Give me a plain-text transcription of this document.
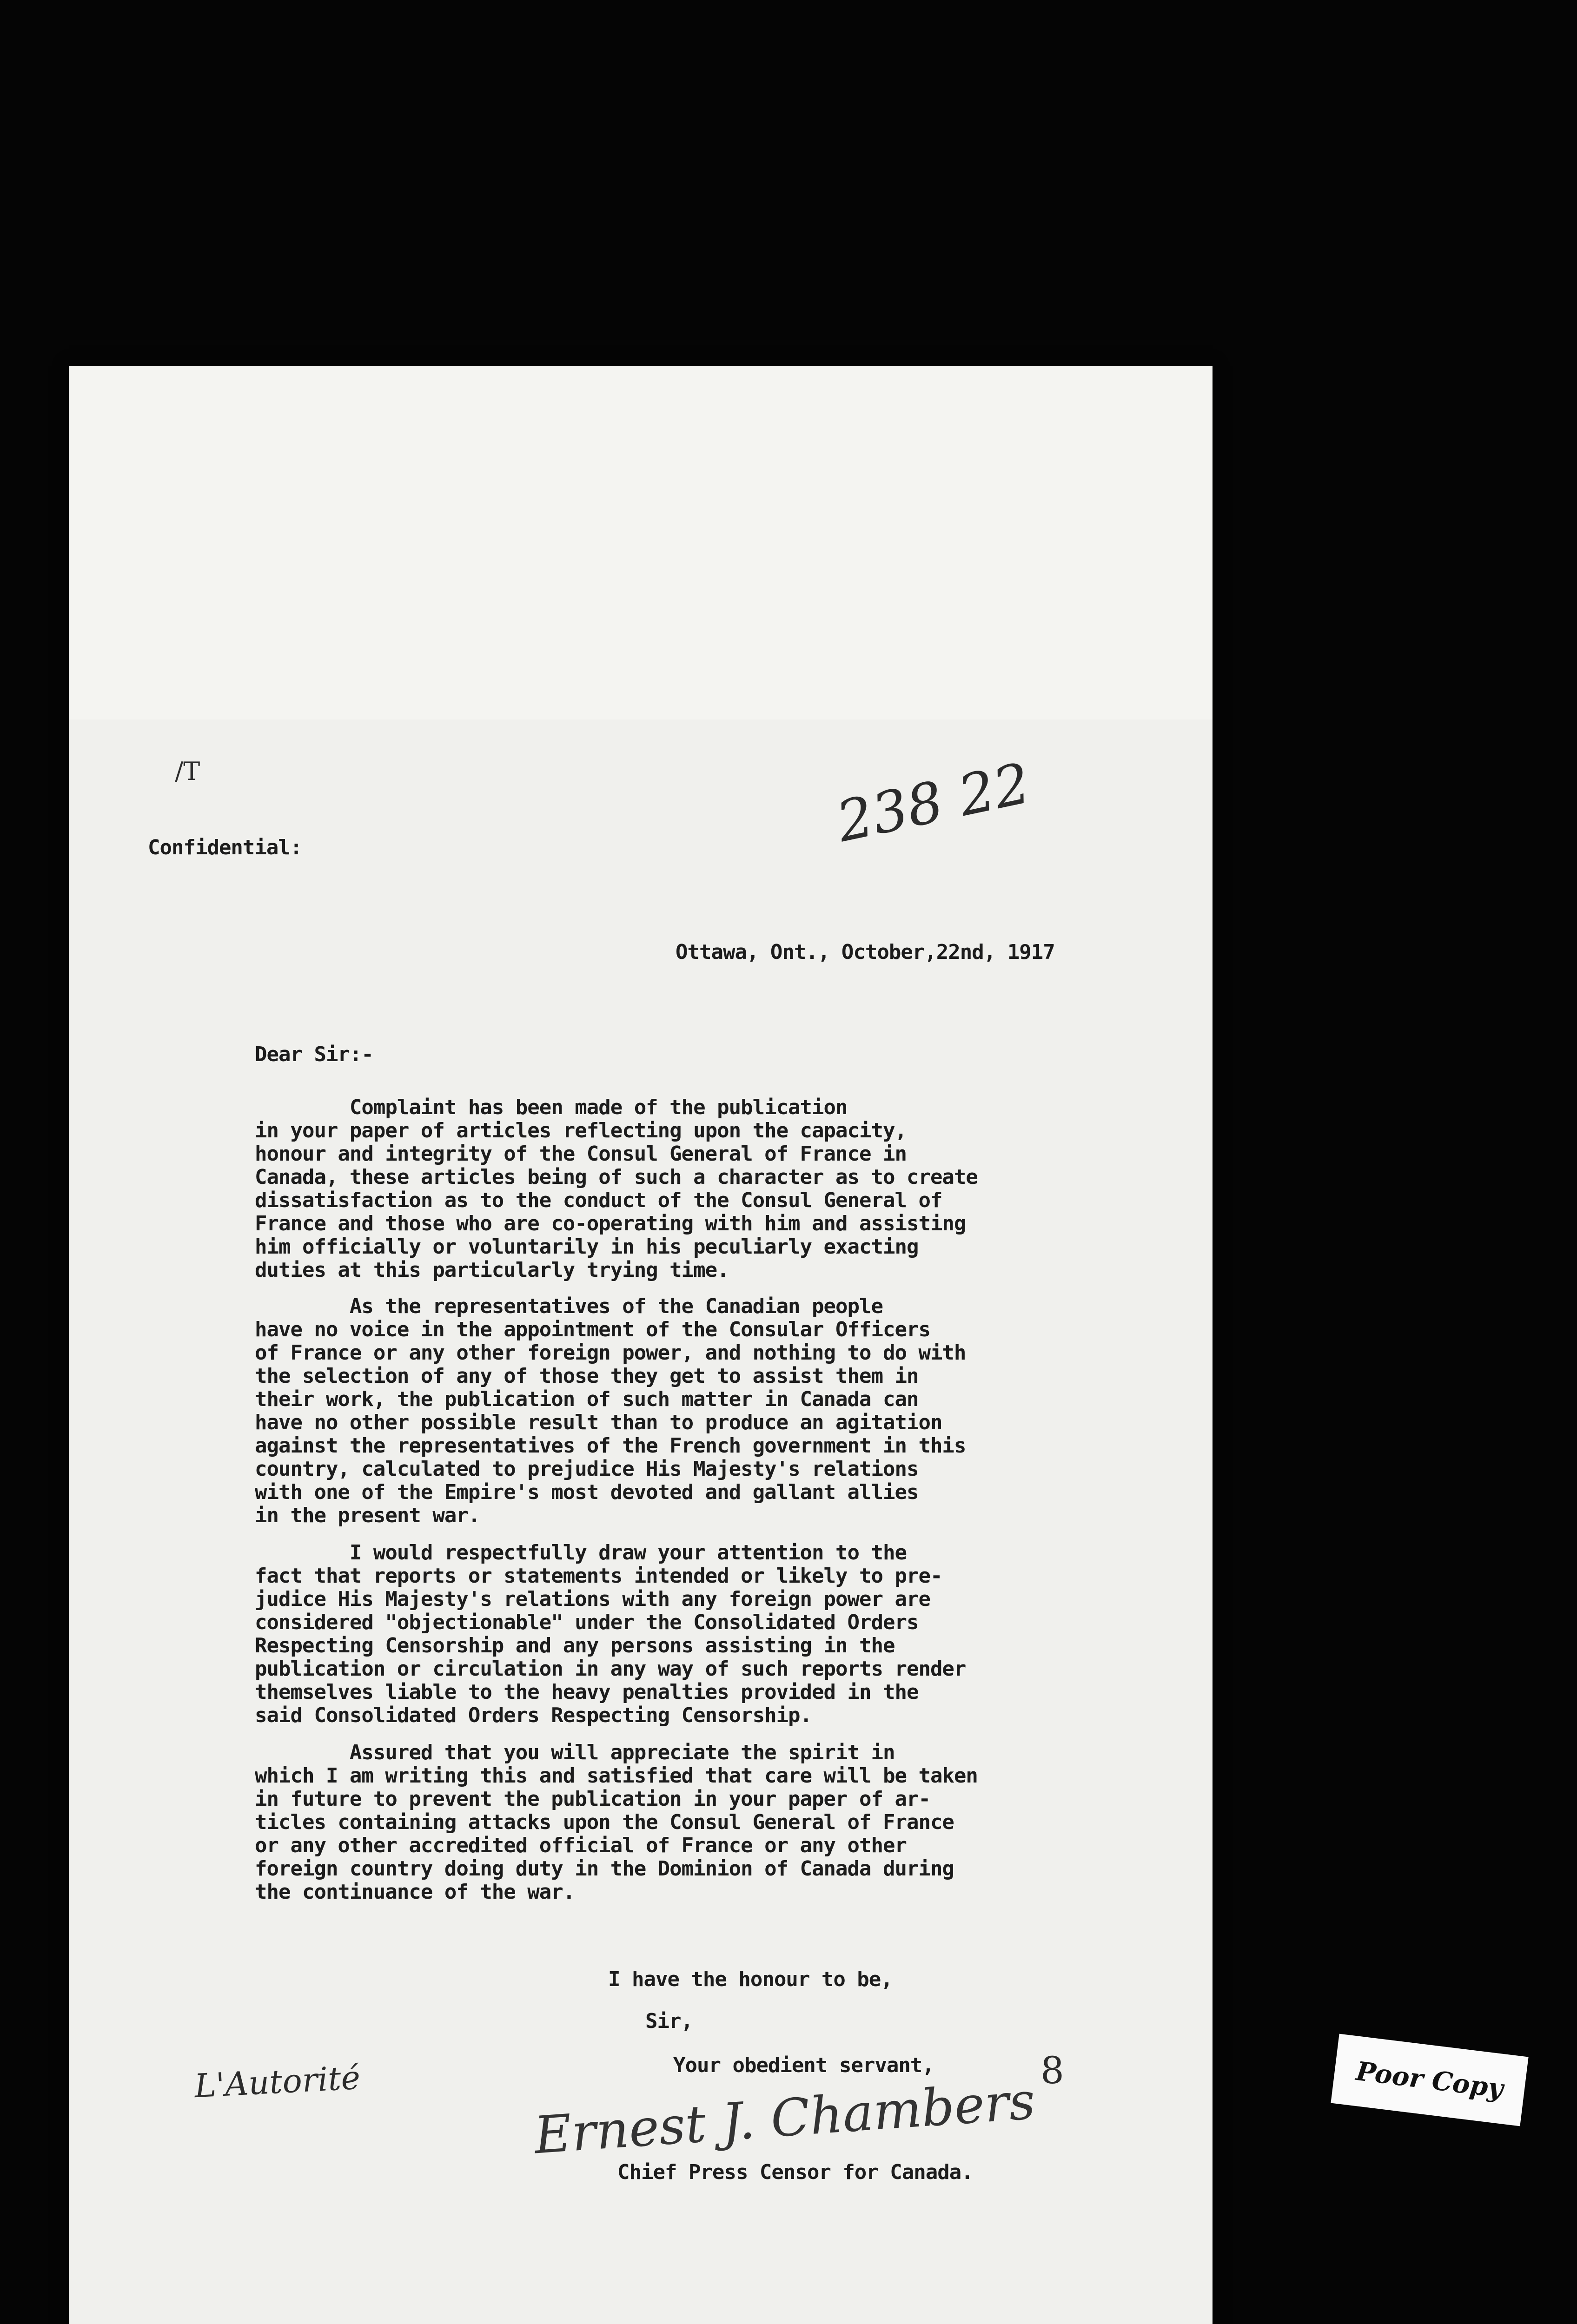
/T	238 22
Confidential:
Ottawa, Ont., October,22nd, 1917
Dear Sir:-
Complaint has been made of the publication
in your paper of articles reflecting upon the capacity,
honour and integrity of the Consul General of France in
Canada, these articles being of such a character as to create
dissatisfaction as to the conduct of the Consul General of
France and those who are co-operating with him and assisting
him officially or voluntarily in his peculiarly exacting
duties at this particularly trying time.
As the representatives of the Canadian people
have no voice in the appointment of the Consular Officers
of France or any other foreign power, and nothing to do with
the selection of any of those they get to assist them in
their work, the publication of such matter in Canada can
have no other possible result than to produce an agitation
against the representatives of the French government in this
country, calculated to prejudice His Majesty's relations
with one of the Empire's most devoted and gallant allies
in the present war.
I would respectfully draw your attention to the
fact that reports or statements intended or likely to pre-
judice His Majesty's relations with any foreign power are
considered "objectionable" under the Consolidated Orders
Respecting Censorship and any persons assisting in the
publication or circulation in any way of such reports render
themselves liable to the heavy penalties provided in the
said Consolidated Orders Respecting Censorship.
Assured that you will appreciate the spirit in
which I am writing this and satisfied that care will be taken
in future to prevent the publication in your paper of ar-
ticles containing attacks upon the Consul General of France
or any other accredited official of France or any other
foreign country doing duty in the Dominion of Canada during
the continuance of the war.
I have the honour to be,
Sir,
Your obedient servant,	8
L'Autorité	Ernest J. Chambers
Chief Press Censor for Canada.
Poor Copy
